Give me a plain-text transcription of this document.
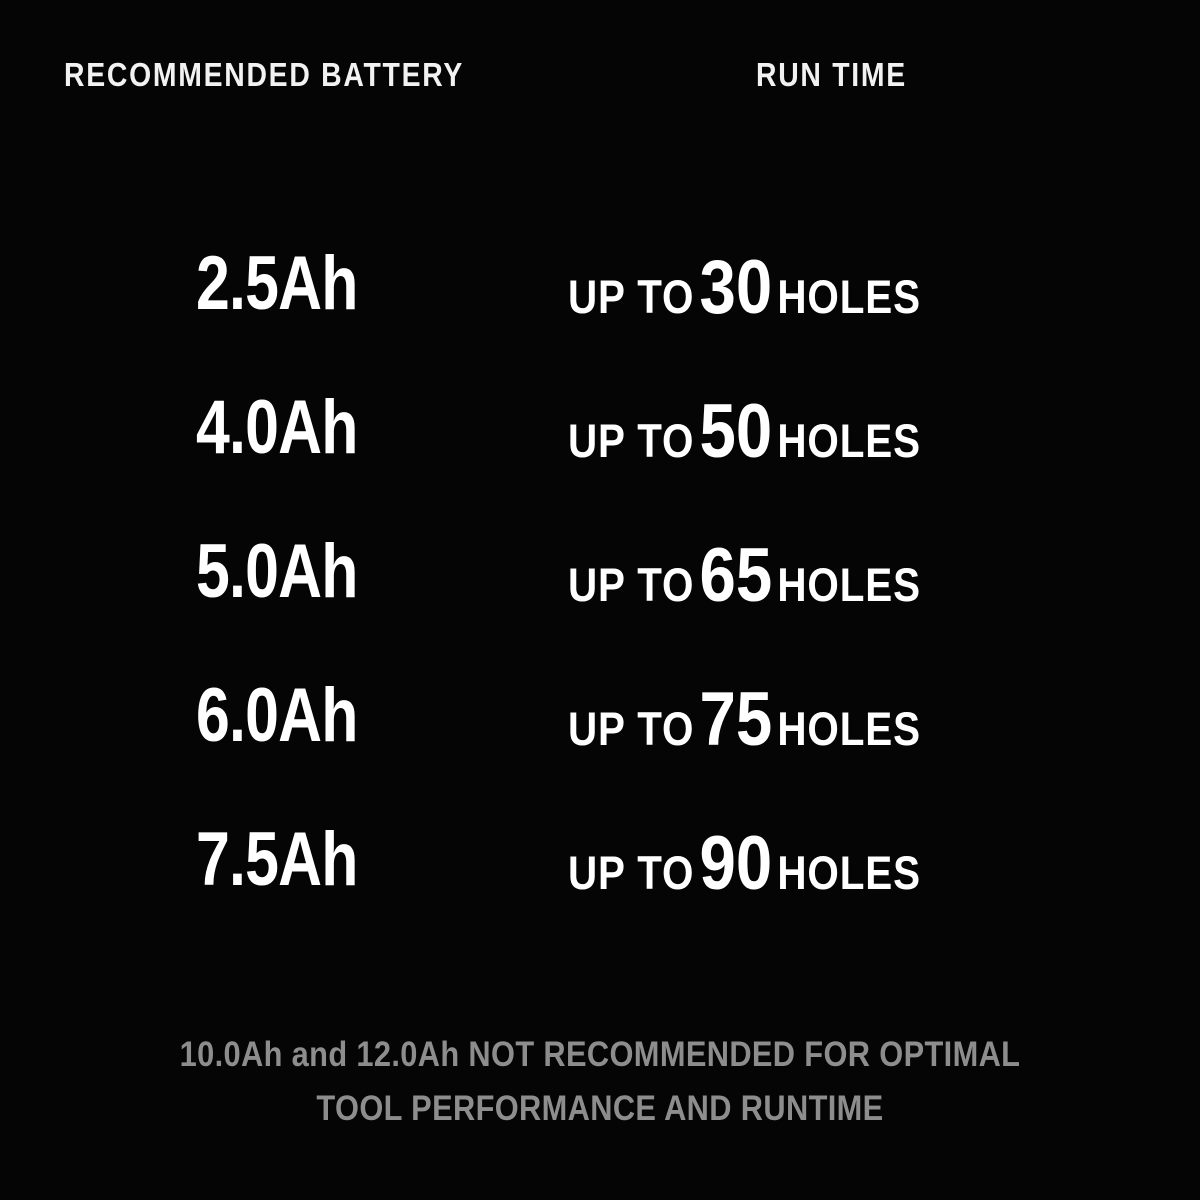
RECOMMENDED BATTERY	RUN TIME
2.5Ah	UP TO30 HOLES
4.0Ah	UP TO50 HOLES
5.0Ah	UP TO65 HOLES
6.0Ah	UP TO75 HOLES
7.5Ah	UP TO90 HOLES
10.0Ah and 12.0Ah NOT RECOMMENDED FOR OPTIMAL
TOOL PERFORMANCE AND RUNTIME
